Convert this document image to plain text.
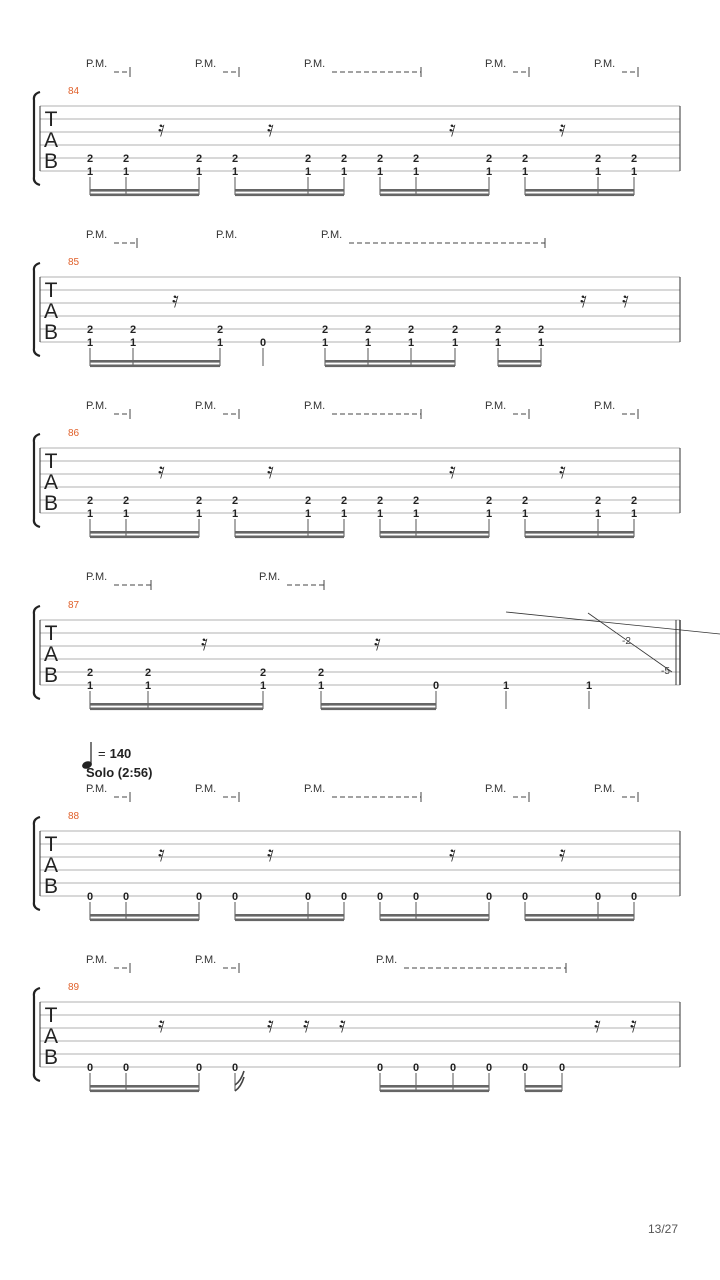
T
A
B
84
P.M.	P.M.	P.M.	P.M.	P.M.
𝄿	𝄿	𝄿	𝄿
2
1
2
1
2
1
2
1
2
1
2
1
2
1
2
1
2
1
2
1
2
1
2
1
T
A
B
85
P.M.	P.M.	P.M.
𝄿	𝄿 𝄿
2
1
2
1
2
1	0
2
1
2
1
2
1
2
1
2
1
2
1
T
A
B
86
P.M.	P.M.	P.M.	P.M.	P.M.
𝄿	𝄿	𝄿	𝄿
2
1
2
1
2
1
2
1
2
1
2
1
2
1
2
1
2
1
2
1
2
1
2
1
T
A
B
87
P.M.	P.M.
𝄿	𝄿
2
1
2
1
2
1
2
1	0	1	1
-2
-5
T
A
B
88
P.M.	P.M.	P.M.	P.M.	P.M.
𝄿	𝄿	𝄿	𝄿
0	0	0	0	0	0	0	0	0	0	0	0
T
A
B
89
P.M.	P.M.	P.M.
𝄿	𝄿 𝄿 𝄿	𝄿 𝄿
0	0	0	0	0	0	0	0	0	0
= 140
Solo (2:56)
13/27
